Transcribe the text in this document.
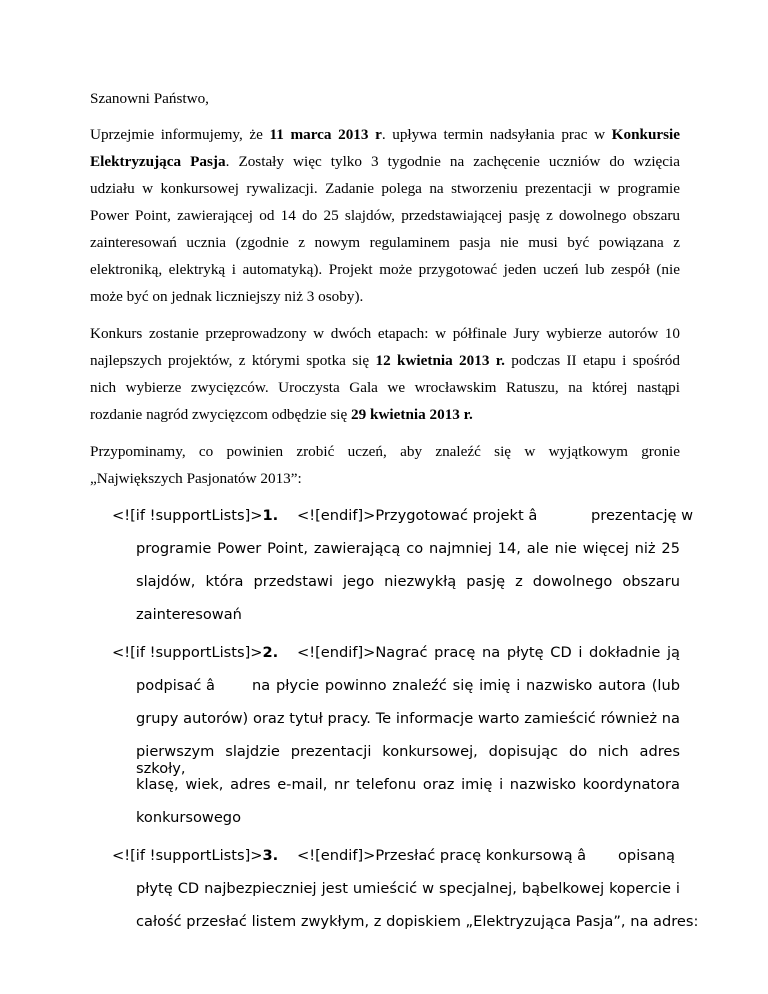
Szanowni Państwo,
Uprzejmie informujemy, że 11 marca 2013 r. upływa termin nadsyłania prac w Konkursie
Elektryzująca Pasja. Zostały więc tylko 3 tygodnie na zachęcenie uczniów do wzięcia
udziału w konkursowej rywalizacji. Zadanie polega na stworzeniu prezentacji w programie
Power Point, zawierającej od 14 do 25 slajdów, przedstawiającej pasję z dowolnego obszaru
zainteresowań ucznia (zgodnie z nowym regulaminem pasja nie musi być powiązana z
elektroniką, elektryką i automatyką). Projekt może przygotować jeden uczeń lub zespół (nie
może być on jednak liczniejszy niż 3 osoby).
Konkurs zostanie przeprowadzony w dwóch etapach: w półfinale Jury wybierze autorów 10
najlepszych projektów, z którymi spotka się 12 kwietnia 2013 r. podczas II etapu i spośród
nich wybierze zwycięzców. Uroczysta Gala we wrocławskim Ratuszu, na której nastąpi
rozdanie nagród zwycięzcom odbędzie się 29 kwietnia 2013 r.
Przypominamy, co powinien zrobić uczeń, aby znaleźć się w wyjątkowym gronie
„Największych Pasjonatów 2013”:
<![if !supportLists]>1. <![endif]>Przygotować projekt â	prezentację w
programie Power Point, zawierającą co najmniej 14, ale nie więcej niż 25
slajdów, która przedstawi jego niezwykłą pasję z dowolnego obszaru
zainteresowań
<![if !supportLists]>2. <![endif]>Nagrać pracę na płytę CD i dokładnie ją
podpisać â	na płycie powinno znaleźć się imię i nazwisko autora (lub
grupy autorów) oraz tytuł pracy. Te informacje warto zamieścić również na
pierwszym slajdzie prezentacji konkursowej, dopisując do nich adres szkoły,
klasę, wiek, adres e-mail, nr telefonu oraz imię i nazwisko koordynatora
konkursowego
<![if !supportLists]>3. <![endif]>Przesłać pracę konkursową â opisaną
płytę CD najbezpieczniej jest umieścić w specjalnej, bąbelkowej kopercie i
całość przesłać listem zwykłym, z dopiskiem „Elektryzująca Pasja”, na adres:
